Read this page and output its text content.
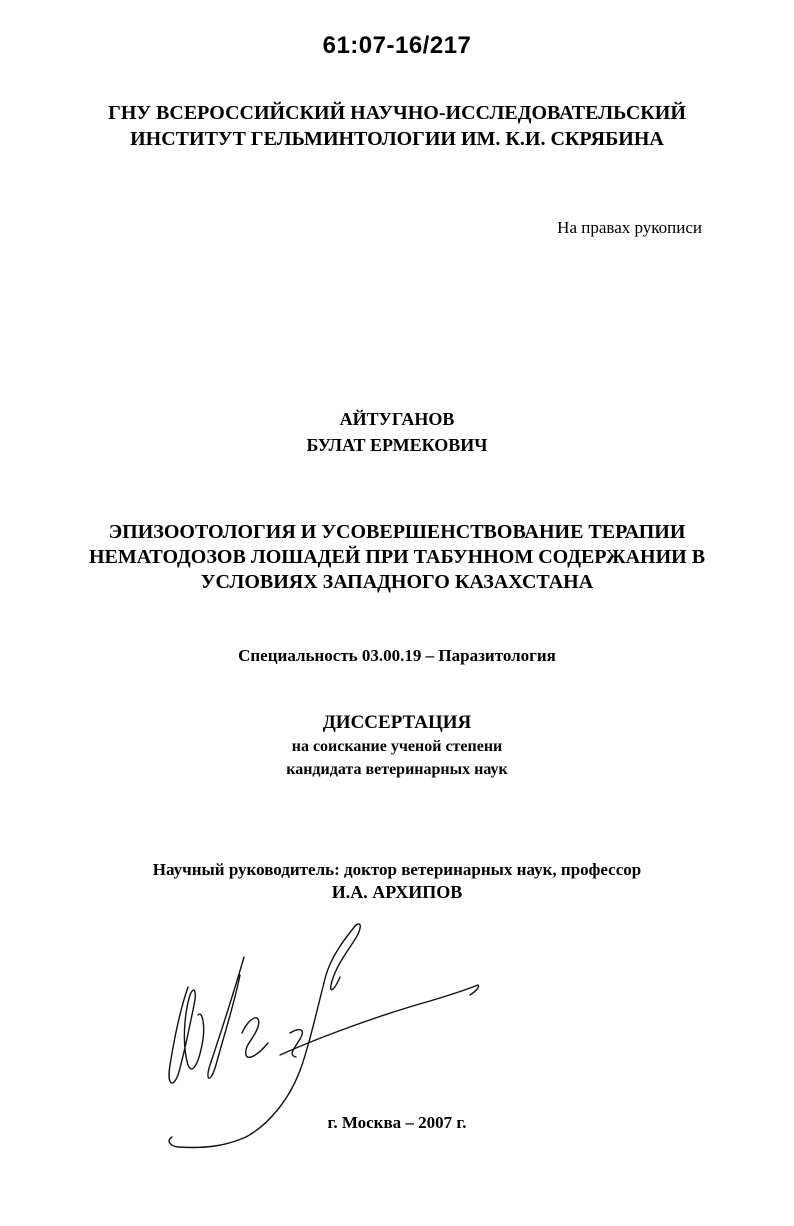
61:07-16/217
ГНУ ВСЕРОССИЙСКИЙ НАУЧНО-ИССЛЕДОВАТЕЛЬСКИЙ
ИНСТИТУТ ГЕЛЬМИНТОЛОГИИ ИМ. К.И. СКРЯБИНА
На правах рукописи
АЙТУГАНОВ
БУЛАТ ЕРМЕКОВИЧ
ЭПИЗООТОЛОГИЯ И УСОВЕРШЕНСТВОВАНИЕ ТЕРАПИИ
НЕМАТОДОЗОВ ЛОШАДЕЙ ПРИ ТАБУННОМ СОДЕРЖАНИИ В
УСЛОВИЯХ ЗАПАДНОГО КАЗАХСТАНА
Специальность 03.00.19 – Паразитология
ДИССЕРТАЦИЯ
на соискание ученой степени
кандидата ветеринарных наук
Научный руководитель: доктор ветеринарных наук, профессор
И.А. АРХИПОВ
г. Москва – 2007 г.
